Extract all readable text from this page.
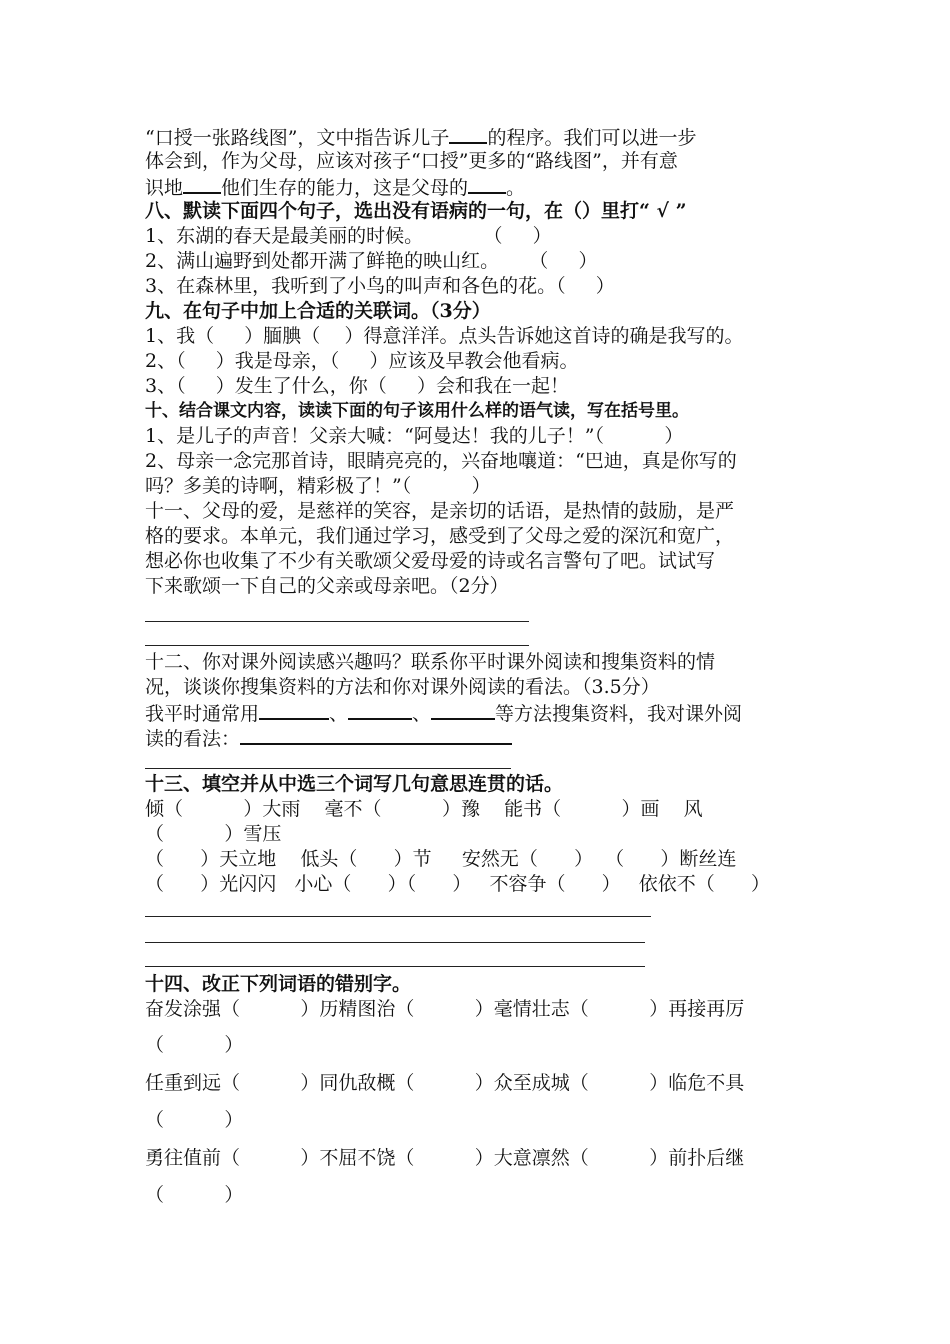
“口授一张路线图”，文中指告诉儿子 的程序。我们可以进一步
体会到，作为父母，应该对孩子“口授”更多的“路线图”，并有意
识地 他们生存的能力，这是父母的 。
八、默读下面四个句子，选出没有语病的一句，在（）里打“ √ ”
1、东湖的春天是最美丽的时候。          （     ）
2、满山遍野到处都开满了鲜艳的映山红。     （     ）
3、在森林里，我听到了小鸟的叫声和各色的花。（     ）
九、在句子中加上合适的关联词。（3分）
1、我（     ）腼腆（    ）得意洋洋。点头告诉她这首诗的确是我写的。
2、（     ）我是母亲，（     ）应该及早教会他看病。
3、（     ）发生了什么，你（     ）会和我在一起！
十、结合课文内容，读读下面的句子该用什么样的语气读，写在括号里。
1、是儿子的声音！父亲大喊：“阿曼达！我的儿子！”（          ）
2、母亲一念完那首诗，眼睛亮亮的，兴奋地嚷道：“巴迪，真是你写的
吗？多美的诗啊，精彩极了！”（          ）
十一、父母的爱，是慈祥的笑容，是亲切的话语，是热情的鼓励，是严
格的要求。本单元，我们通过学习，感受到了父母之爱的深沉和宽广，
想必你也收集了不少有关歌颂父爱母爱的诗或名言警句了吧。试试写
下来歌颂一下自己的父亲或母亲吧。（2分）
十二、你对课外阅读感兴趣吗？联系你平时课外阅读和搜集资料的情
况，谈谈你搜集资料的方法和你对课外阅读的看法。（3.5分）
我平时通常用	、	、	等方法搜集资料，我对课外阅
读的看法：
十三、填空并从中选三个词写几句意思连贯的话。
倾（          ）大雨    毫不（          ）豫    能书（          ）画    风
（          ）雪压
（      ）天立地    低头（      ）节     安然无（      ）  （      ）断丝连
（      ）光闪闪   小心（      ）（      ）   不容争（      ）   依依不（      ）
十四、改正下列词语的错别字。
奋发涂强（          ）历精图治（          ）毫情壮志（          ）再接再厉
（          ）
任重到远（          ）同仇敌概（          ）众至成城（          ）临危不具
（          ）
勇往值前（          ）不屈不饶（          ）大意凛然（          ）前扑后继
（          ）
